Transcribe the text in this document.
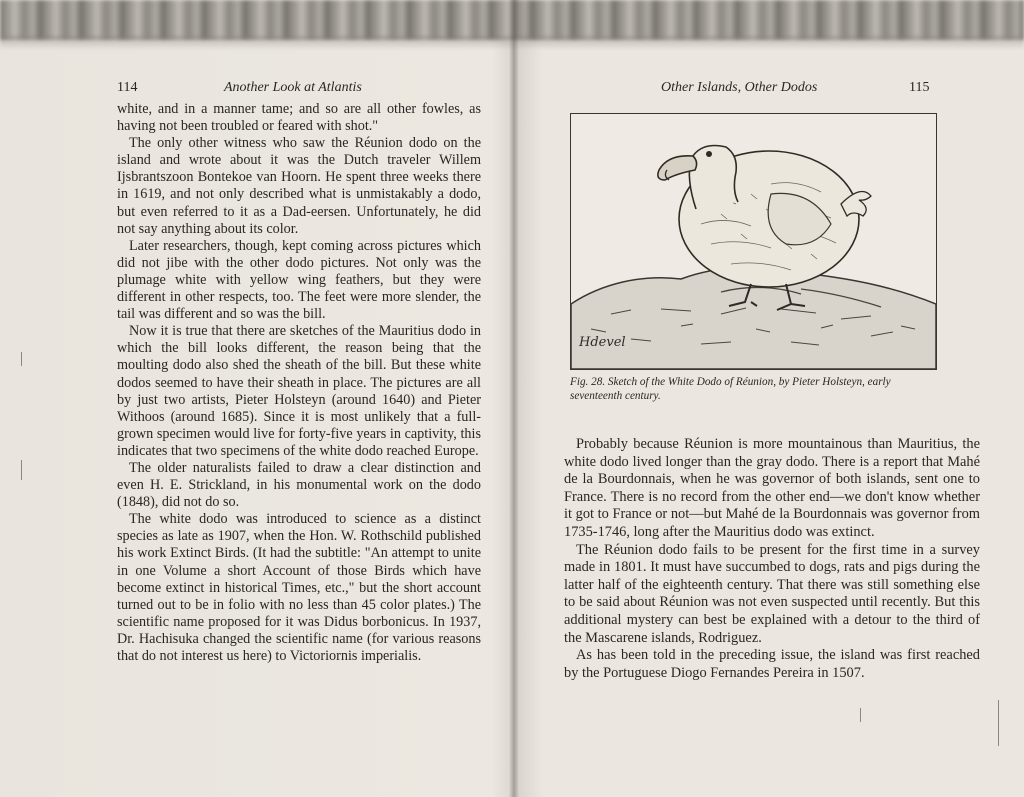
114	Another Look at Atlantis

white, and in a manner tame; and so are all other fowles, as having not been troubled or feared with shot."

The only other witness who saw the Réunion dodo on the island and wrote about it was the Dutch traveler Willem Ijsbrantszoon Bontekoe van Hoorn. He spent three weeks there in 1619, and not only described what is unmistakably a dodo, but even referred to it as a Dad-eersen. Unfortunately, he did not say anything about its color.

Later researchers, though, kept coming across pictures which did not jibe with the other dodo pictures. Not only was the plumage white with yellow wing feathers, but they were different in other respects, too. The feet were more slender, the tail was different and so was the bill.

Now it is true that there are sketches of the Mauritius dodo in which the bill looks different, the reason being that the moulting dodo also shed the sheath of the bill. But these white dodos seemed to have their sheath in place. The pictures are all by just two artists, Pieter Holsteyn (around 1640) and Pieter Withoos (around 1685). Since it is most unlikely that a full-grown specimen would live for forty-five years in captivity, this indicates that two specimens of the white dodo reached Europe.

The older naturalists failed to draw a clear distinction and even H. E. Strickland, in his monumental work on the dodo (1848), did not do so.

The white dodo was introduced to science as a distinct species as late as 1907, when the Hon. W. Rothschild published his work Extinct Birds. (It had the subtitle: "An attempt to unite in one Volume a short Account of those Birds which have become extinct in historical Times, etc.," but the short account turned out to be in folio with no less than 45 color plates.) The scientific name proposed for it was Didus borbonicus. In 1937, Dr. Hachisuka changed the scientific name (for various reasons that do not interest us here) to Victoriornis imperialis.

Other Islands, Other Dodos	115
Hdevel
Fig. 28. Sketch of the White Dodo of Réunion, by Pieter Holsteyn, early seventeenth century.

Probably because Réunion is more mountainous than Mauritius, the white dodo lived longer than the gray dodo. There is a report that Mahé de la Bourdonnais, when he was governor of both islands, sent one to France. There is no record from the other end—we don't know whether it got to France or not—but Mahé de la Bourdonnais was governor from 1735-1746, long after the Mauritius dodo was extinct.

The Réunion dodo fails to be present for the first time in a survey made in 1801. It must have succumbed to dogs, rats and pigs during the latter half of the eighteenth century. That there was still something else to be said about Réunion was not even suspected until recently. But this additional mystery can best be explained with a detour to the third of the Mascarene islands, Rodriguez.

As has been told in the preceding issue, the island was first reached by the Portuguese Diogo Fernandes Pereira in 1507.
